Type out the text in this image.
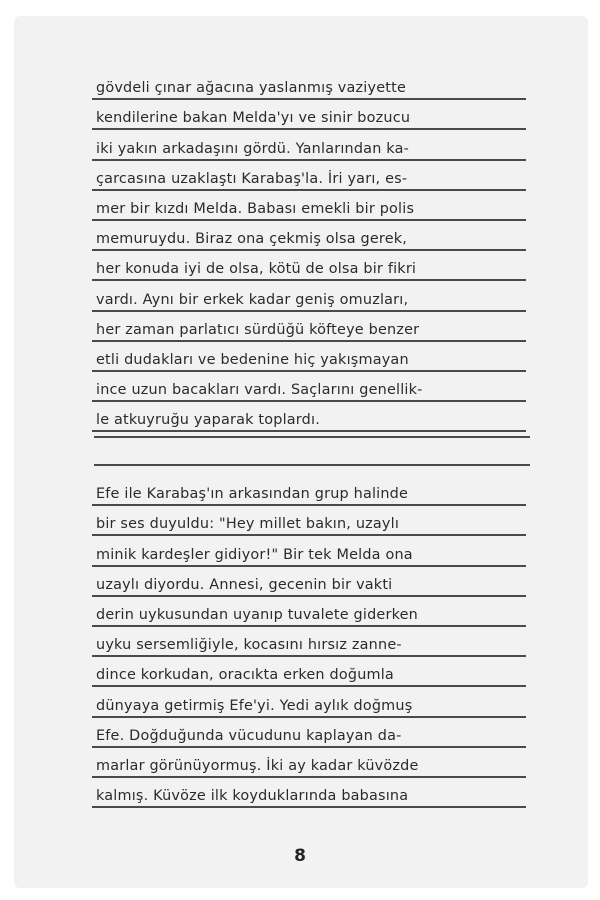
gövdeli çınar ağacına yaslanmış vaziyette
kendilerine bakan Melda'yı ve sinir bozucu
iki yakın arkadaşını gördü. Yanlarından ka-
çarcasına uzaklaştı Karabaş'la. İri yarı, es-
mer bir kızdı Melda. Babası emekli bir polis
memuruydu. Biraz ona çekmiş olsa gerek,
her konuda iyi de olsa, kötü de olsa bir fikri
vardı. Aynı bir erkek kadar geniş omuzları,
her zaman parlatıcı sürdüğü köfteye benzer
etli dudakları ve bedenine hiç yakışmayan
ince uzun bacakları vardı. Saçlarını genellik-
le atkuyruğu yaparak toplardı.
Efe ile Karabaş'ın arkasından grup halinde
bir ses duyuldu: "Hey millet bakın, uzaylı
minik kardeşler gidiyor!" Bir tek Melda ona
uzaylı diyordu. Annesi, gecenin bir vakti
derin uykusundan uyanıp tuvalete giderken
uyku sersemliğiyle, kocasını hırsız zanne-
dince korkudan, oracıkta erken doğumla
dünyaya getirmiş Efe'yi. Yedi aylık doğmuş
Efe. Doğduğunda vücudunu kaplayan da-
marlar görünüyormuş. İki ay kadar küvözde
kalmış. Küvöze ilk koyduklarında babasına
8
